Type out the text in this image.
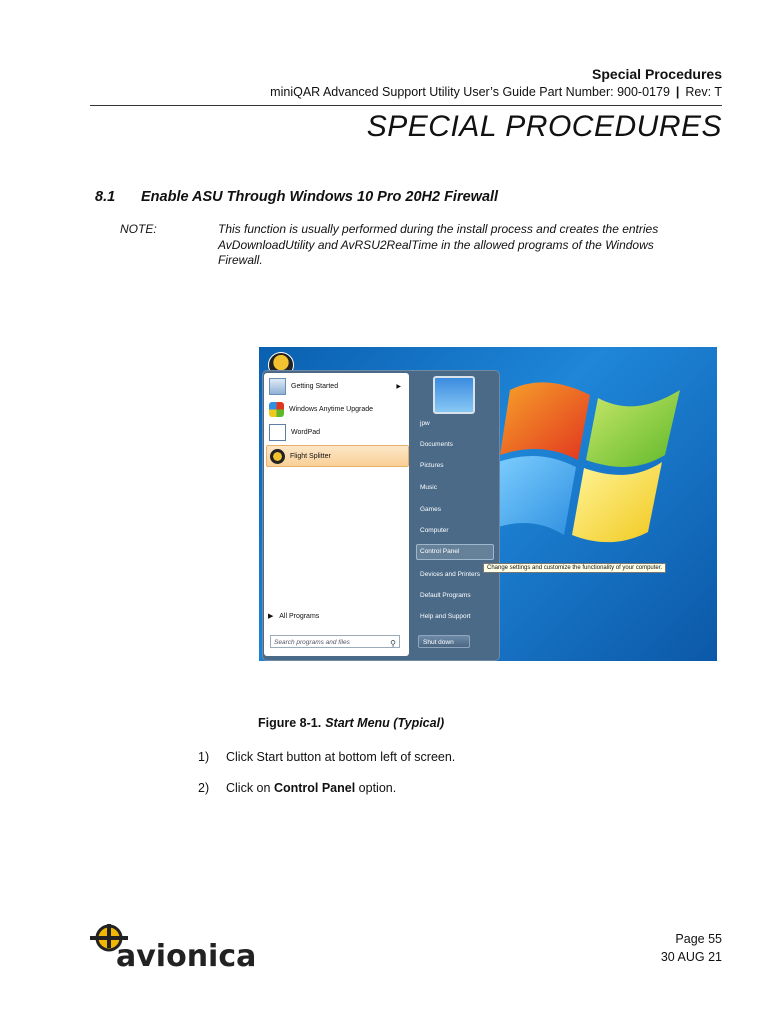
Special Procedures
miniQAR Advanced Support Utility User’s Guide Part Number: 900-0179 | Rev: T
SPECIAL PROCEDURES
8.1 Enable ASU Through Windows 10 Pro 20H2 Firewall
NOTE:	This function is usually performed during the install process and creates the entries AvDownloadUtility and AvRSU2RealTime in the allowed programs of the Windows Firewall.
Getting Started	▶
Windows Anytime Upgrade
WordPad
Flight Splitter
▶   All Programs
Search programs and files	⚲
jpw
Documents
Pictures
Music
Games
Computer
Control Panel
Devices and Printers
Default Programs
Help and Support
Change settings and customize the functionality of your computer.
Shut down
Figure 8-1. Start Menu (Typical)
1) Click Start button at bottom left of screen.
2) Click on Control Panel option.
avionica	Page 55
30 AUG 21
